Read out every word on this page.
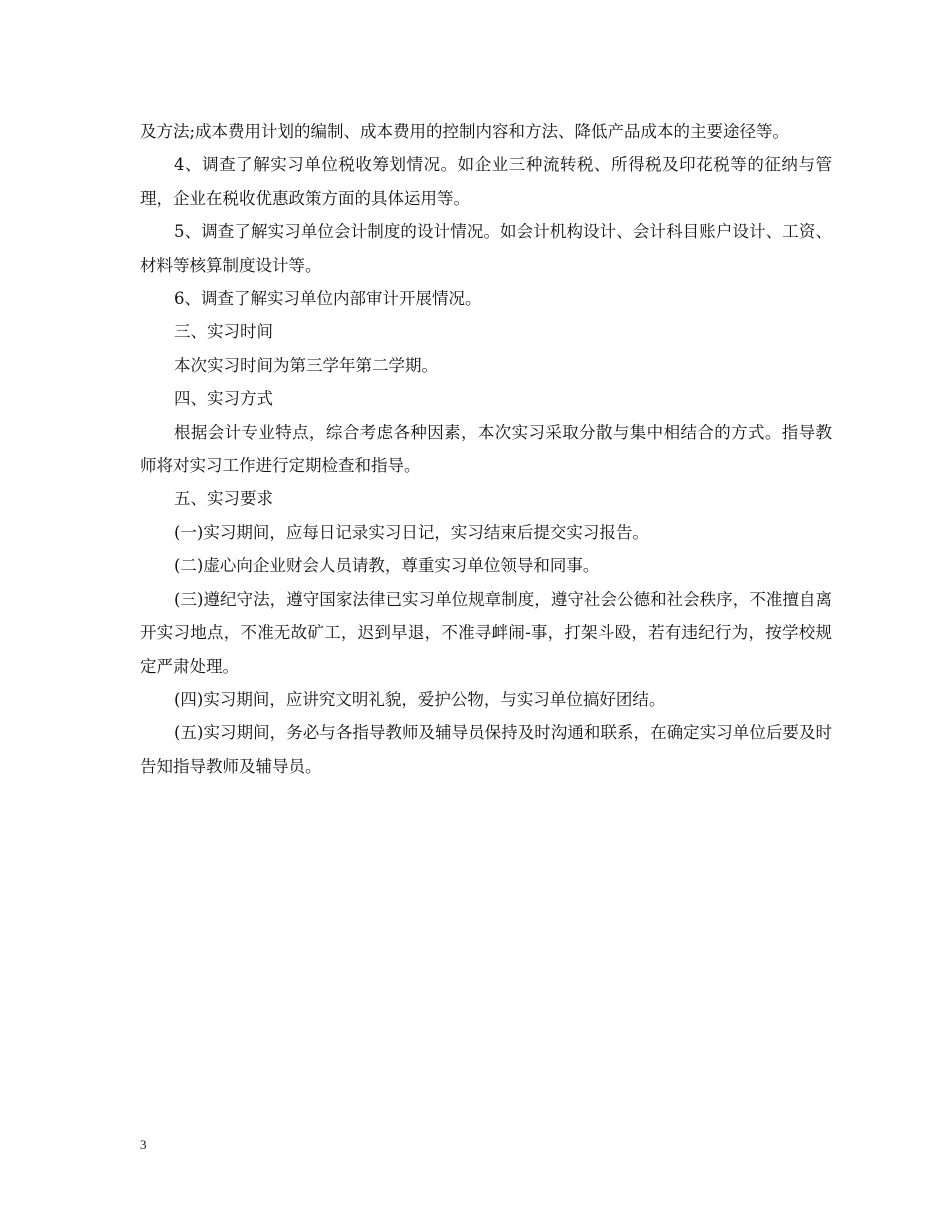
及方法;成本费用计划的编制、成本费用的控制内容和方法、降低产品成本的主要途径等。

4、调查了解实习单位税收筹划情况。如企业三种流转税、所得税及印花税等的征纳与管理，企业在税收优惠政策方面的具体运用等。

5、调查了解实习单位会计制度的设计情况。如会计机构设计、会计科目账户设计、工资、材料等核算制度设计等。

6、调查了解实习单位内部审计开展情况。

三、实习时间

本次实习时间为第三学年第二学期。

四、实习方式

根据会计专业特点，综合考虑各种因素，本次实习采取分散与集中相结合的方式。指导教师将对实习工作进行定期检查和指导。

五、实习要求

(一)实习期间，应每日记录实习日记，实习结束后提交实习报告。

(二)虚心向企业财会人员请教，尊重实习单位领导和同事。

(三)遵纪守法，遵守国家法律已实习单位规章制度，遵守社会公德和社会秩序，不准擅自离开实习地点，不准无故矿工，迟到早退，不准寻衅闹-事，打架斗殴，若有违纪行为，按学校规定严肃处理。

(四)实习期间，应讲究文明礼貌，爱护公物，与实习单位搞好团结。

(五)实习期间，务必与各指导教师及辅导员保持及时沟通和联系，在确定实习单位后要及时告知指导教师及辅导员。

3
